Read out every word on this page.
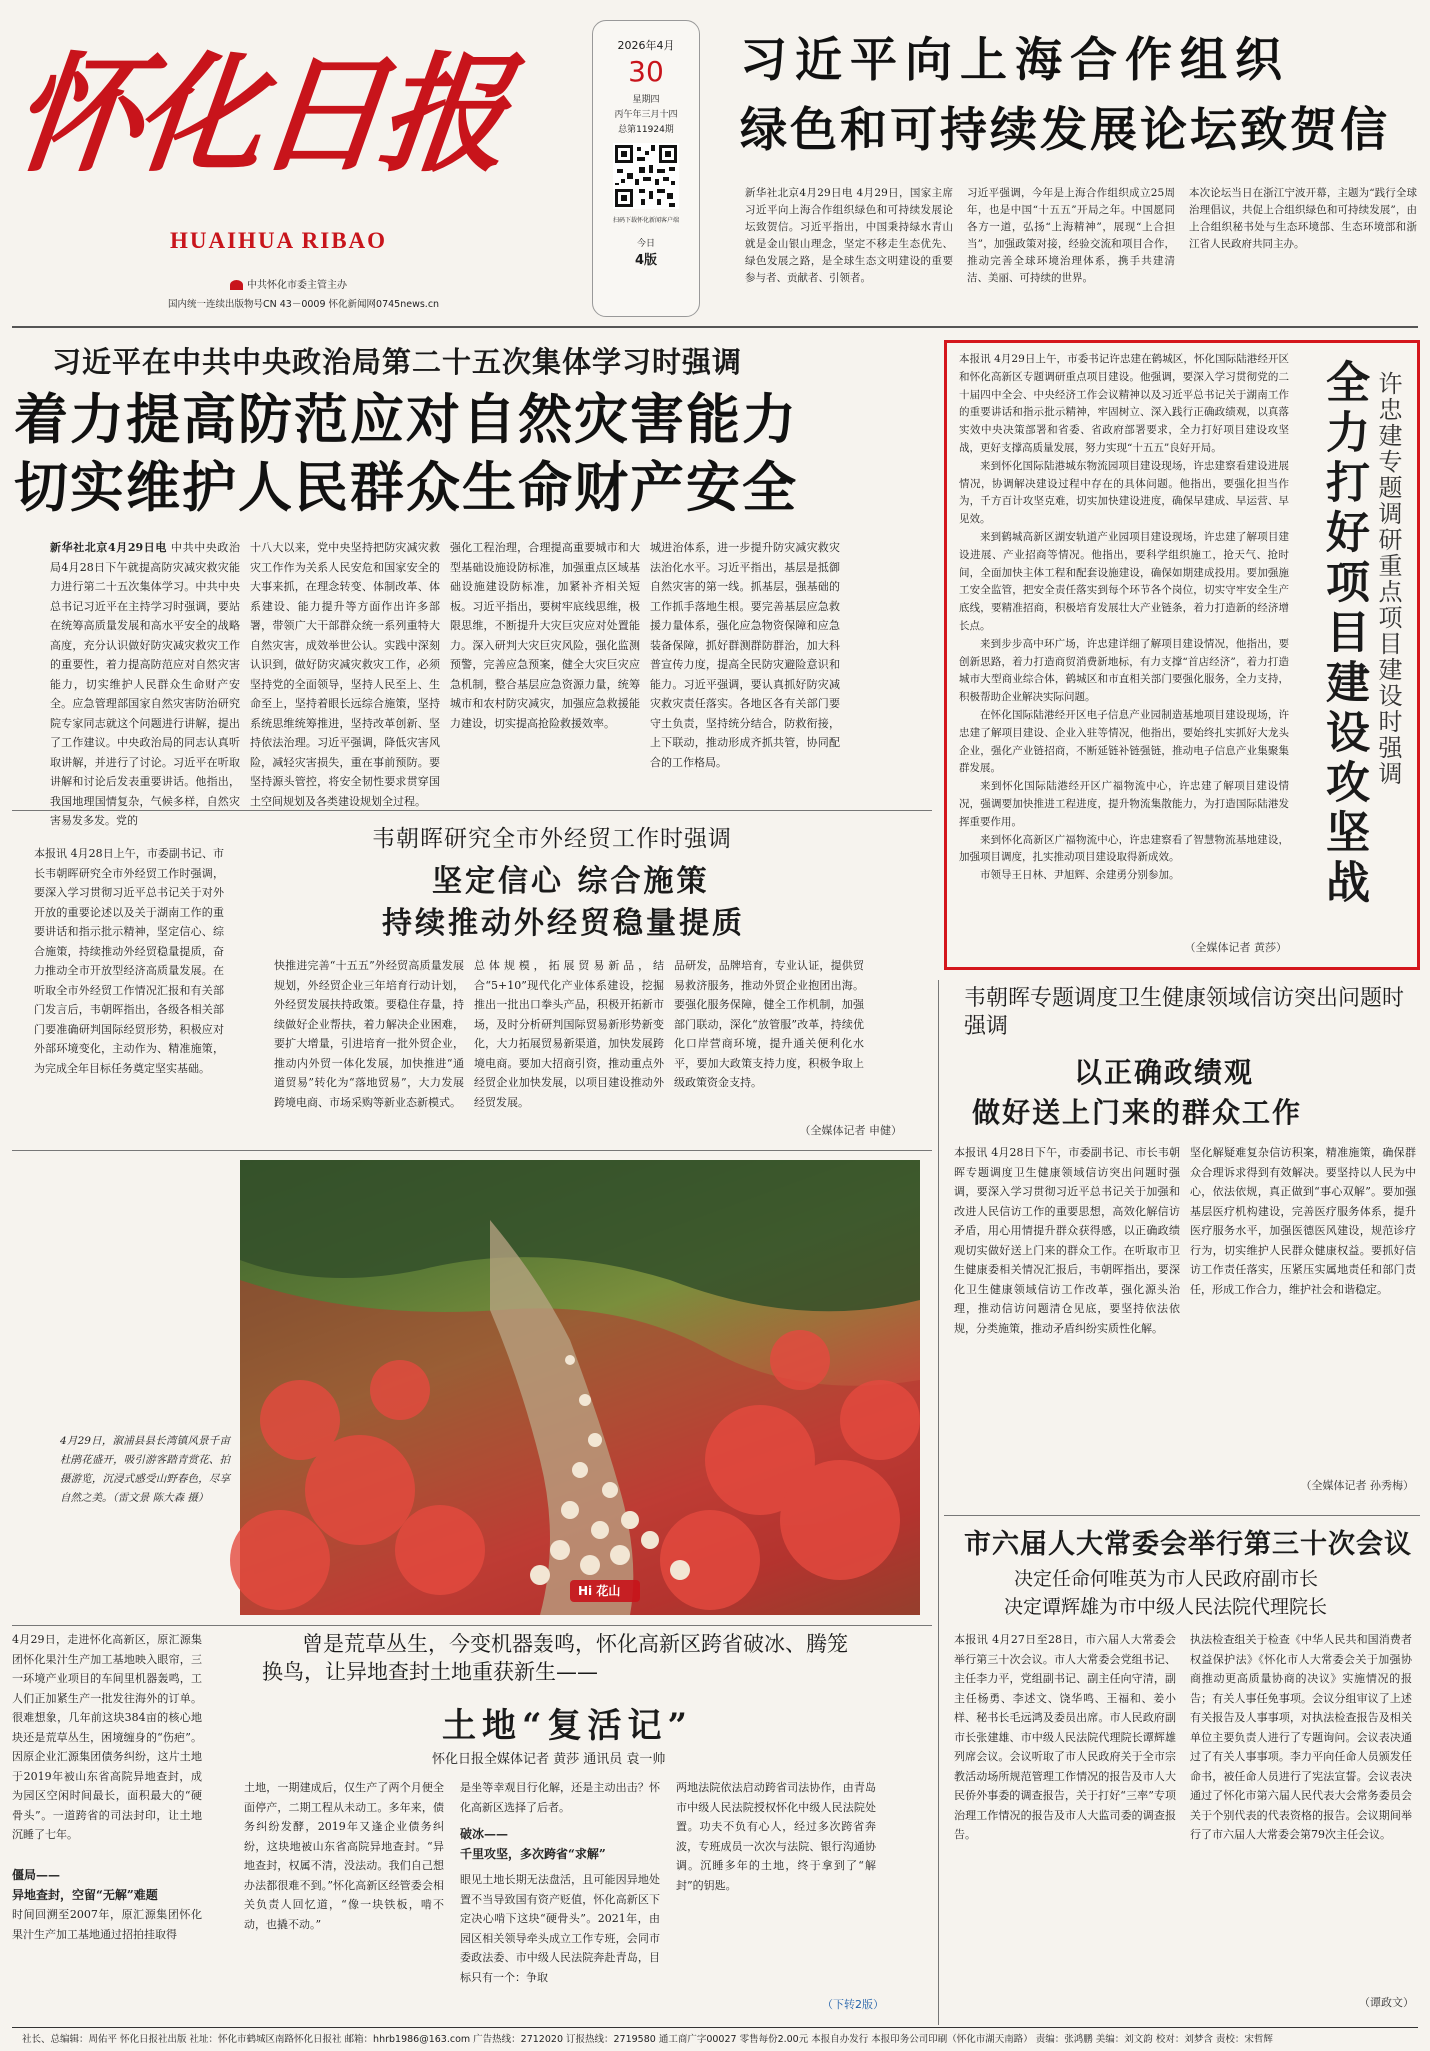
怀化日报
HUAIHUA RIBAO
中共怀化市委主管主办
国内统一连续出版物号CN 43－0009 怀化新闻网0745news.cn
2026年4月
30
星期四
丙午年三月十四
总第11924期
扫码下载怀化新闻客户端
今日
4版
习近平向上海合作组织
绿色和可持续发展论坛致贺信
新华社北京4月29日电 4月29日，国家主席习近平向上海合作组织绿色和可持续发展论坛致贺信。习近平指出，中国秉持绿水青山就是金山银山理念，坚定不移走生态优先、绿色发展之路，是全球生态文明建设的重要参与者、贡献者、引领者。
习近平强调，今年是上海合作组织成立25周年，也是中国“十五五”开局之年。中国愿同各方一道，弘扬“上海精神”，展现“上合担当”，加强政策对接，经验交流和项目合作，推动完善全球环境治理体系，携手共建清洁、美丽、可持续的世界。
本次论坛当日在浙江宁波开幕，主题为“践行全球治理倡议，共促上合组织绿色和可持续发展”，由上合组织秘书处与生态环境部、生态环境部和浙江省人民政府共同主办。
习近平在中共中央政治局第二十五次集体学习时强调
着力提高防范应对自然灾害能力
切实维护人民群众生命财产安全
新华社北京4月29日电 中共中央政治局4月28日下午就提高防灾减灾救灾能力进行第二十五次集体学习。中共中央总书记习近平在主持学习时强调，要站在统筹高质量发展和高水平安全的战略高度，充分认识做好防灾减灾救灾工作的重要性，着力提高防范应对自然灾害能力，切实维护人民群众生命财产安全。应急管理部国家自然灾害防治研究院专家同志就这个问题进行讲解，提出了工作建议。中央政治局的同志认真听取讲解，并进行了讨论。习近平在听取讲解和讨论后发表重要讲话。他指出，我国地理国情复杂，气候多样，自然灾害易发多发。党的
十八大以来，党中央坚持把防灾减灾救灾工作作为关系人民安危和国家安全的大事来抓，在理念转变、体制改革、体系建设、能力提升等方面作出许多部署，带领广大干部群众统一系列重特大自然灾害，成效举世公认。实践中深刻认识到，做好防灾减灾救灾工作，必须坚持党的全面领导，坚持人民至上、生命至上，坚持着眼长远综合施策，坚持系统思维统筹推进，坚持改革创新、坚持依法治理。习近平强调，降低灾害风险，减轻灾害损失，重在事前预防。要坚持源头管控，将安全韧性要求贯穿国土空间规划及各类建设规划全过程。
强化工程治理，合理提高重要城市和大型基础设施设防标准，加强重点区域基础设施建设防标准，加紧补齐相关短板。习近平指出，要树牢底线思维，极限思维，不断提升大灾巨灾应对处置能力。深入研判大灾巨灾风险，强化监测预警，完善应急预案，健全大灾巨灾应急机制，整合基层应急资源力量，统筹城市和农村防灾减灾，加强应急救援能力建设，切实提高抢险救援效率。
城进治体系，进一步提升防灾减灾救灾法治化水平。习近平指出，基层是抵御自然灾害的第一线。抓基层，强基础的工作抓手落地生根。要完善基层应急救援力量体系，强化应急物资保障和应急装备保障，抓好群测群防群治，加大科普宣传力度，提高全民防灾避险意识和能力。习近平强调，要认真抓好防灾减灾救灾责任落实。各地区各有关部门要守土负责，坚持统分结合，防救衔接，上下联动，推动形成齐抓共管，协同配合的工作格局。

本报讯 4月29日上午，市委书记许忠建在鹤城区，怀化国际陆港经开区和怀化高新区专题调研重点项目建设。他强调，要深入学习贯彻党的二十届四中全会、中央经济工作会议精神以及习近平总书记关于湖南工作的重要讲话和指示批示精神，牢固树立、深入践行正确政绩观，以真落实效中央决策部署和省委、省政府部署要求，全力打好项目建设攻坚战，更好支撑高质量发展，努力实现“十五五”良好开局。

来到怀化国际陆港城东物流园项目建设现场，许忠建察看建设进展情况，协调解决建设过程中存在的具体问题。他指出，要强化担当作为，千方百计攻坚克难，切实加快建设进度，确保早建成、早运营、早见效。

来到鹤城高新区湖安轨道产业园项目建设现场，许忠建了解项目建设进展、产业招商等情况。他指出，要科学组织施工，抢天气、抢时间，全面加快主体工程和配套设施建设，确保如期建成投用。要加强施工安全监管，把安全责任落实到每个环节各个岗位，切实守牢安全生产底线，要精准招商，积极培育发展壮大产业链条，着力打造新的经济增长点。

来到步步高中环广场，许忠建详细了解项目建设情况，他指出，要创新思路，着力打造商贸消费新地标，有力支撑“首店经济”，着力打造城市大型商业综合体，鹤城区和市直相关部门要强化服务，全力支持，积极帮助企业解决实际问题。

在怀化国际陆港经开区电子信息产业园制造基地项目建设现场，许忠建了解项目建设、企业入驻等情况，他指出，要始终扎实抓好大龙头企业，强化产业链招商，不断延链补链强链，推动电子信息产业集聚集群发展。

来到怀化国际陆港经开区广福物流中心，许忠建了解项目建设情况，强调要加快推进工程进度，提升物流集散能力，为打造国际陆港发挥重要作用。

来到怀化高新区广福物流中心，许忠建察看了智慧物流基地建设，加强项目调度，扎实推动项目建设取得新成效。

市领导王日林、尹旭辉、余建勇分别参加。

（全媒体记者 黄莎）
全力打好项目建设攻坚战 许忠建专题调研重点项目建设时强调
本报讯 4月28日上午，市委副书记、市长韦朝晖研究全市外经贸工作时强调，要深入学习贯彻习近平总书记关于对外开放的重要论述以及关于湖南工作的重要讲话和指示批示精神，坚定信心、综合施策，持续推动外经贸稳量提质，奋力推动全市开放型经济高质量发展。在听取全市外经贸工作情况汇报和有关部门发言后，韦朝晖指出，各级各相关部门要准确研判国际经贸形势，积极应对外部环境变化，主动作为、精准施策，为完成全年目标任务奠定坚实基础。
韦朝晖研究全市外经贸工作时强调
坚定信心 综合施策
持续推动外经贸稳量提质
快推进完善“十五五”外经贸高质量发展规划，外经贸企业三年培育行动计划，外经贸发展扶持政策。要稳住存量，持续做好企业帮扶，着力解决企业困难，要扩大增量，引进培育一批外贸企业，推动内外贸一体化发展，加快推进“通道贸易”转化为“落地贸易”，大力发展跨境电商、市场采购等新业态新模式。
总体规模，拓展贸易新品，结合“5+10”现代化产业体系建设，挖掘推出一批出口拳头产品，积极开拓新市场，及时分析研判国际贸易新形势新变化，大力拓展贸易新渠道，加快发展跨境电商。要加大招商引资，推动重点外经贸企业加快发展，以项目建设推动外经贸发展。
品研发，品牌培育，专业认证，提供贸易救济服务，推动外贸企业抱团出海。要强化服务保障，健全工作机制，加强部门联动，深化“放管服”改革，持续优化口岸营商环境，提升通关便利化水平，要加大政策支持力度，积极争取上级政策资金支持。
（全媒体记者 申健）
韦朝晖专题调度卫生健康领域信访突出问题时强调
以正确政绩观
做好送上门来的群众工作
本报讯 4月28日下午，市委副书记、市长韦朝晖专题调度卫生健康领域信访突出问题时强调，要深入学习贯彻习近平总书记关于加强和改进人民信访工作的重要思想，高效化解信访矛盾，用心用情提升群众获得感，以正确政绩观切实做好送上门来的群众工作。在听取市卫生健康委相关情况汇报后，韦朝晖指出，要深化卫生健康领域信访工作改革，强化源头治理，推动信访问题清仓见底，要坚持依法依规，分类施策，推动矛盾纠纷实质性化解。
坚化解疑难复杂信访积案，精准施策，确保群众合理诉求得到有效解决。要坚持以人民为中心，依法依规，真正做到“事心双解”。要加强基层医疗机构建设，完善医疗服务体系，提升医疗服务水平，加强医德医风建设，规范诊疗行为，切实维护人民群众健康权益。要抓好信访工作责任落实，压紧压实属地责任和部门责任，形成工作合力，维护社会和谐稳定。
（全媒体记者 孙秀梅）
4月29日，溆浦县县长湾镇风景千亩杜鹃花盛开，吸引游客踏青赏花、拍摄游览，沉浸式感受山野春色，尽享自然之美。（雷文景 陈大森 摄）
Hi 花山
4月29日，走进怀化高新区，原汇源集团怀化果汁生产加工基地映入眼帘，三一环境产业项目的车间里机器轰鸣，工人们正加紧生产一批发往海外的订单。很难想象，几年前这块384亩的核心地块还是荒草丛生，困境缠身的“伤疤”。因原企业汇源集团债务纠纷，这片土地于2019年被山东省高院异地查封，成为园区空闲时间最长，面积最大的“硬骨头”。一道跨省的司法封印，让土地沉睡了七年。
僵局——
异地查封，空留“无解”难题
时间回溯至2007年，原汇源集团怀化果汁生产加工基地通过招拍挂取得
曾是荒草丛生，今变机器轰鸣，怀化高新区跨省破冰、腾笼
换鸟，让异地查封土地重获新生——
土地“复活记”
怀化日报全媒体记者 黄莎 通讯员 袁一帅
土地，一期建成后，仅生产了两个月便全面停产，二期工程从未动工。多年来，债务纠纷发酵，2019年又逢企业债务纠纷，这块地被山东省高院异地查封。“异地查封，权属不清，没法动。我们自己想办法都很难不到。”怀化高新区经管委会相关负责人回忆道，“像一块铁板，啃不动，也撬不动。”
是坐等幸观目行化解，还是主动出击？怀化高新区选择了后者。
破冰——
千里攻坚，多次跨省“求解”
眼见土地长期无法盘活，且可能因异地处置不当导致国有资产贬值，怀化高新区下定决心啃下这块“硬骨头”。2021年，由园区相关领导牵头成立工作专班，会同市委政法委、市中级人民法院奔赴青岛，目标只有一个：争取
两地法院依法启动跨省司法协作，由青岛市中级人民法院授权怀化中级人民法院处置。功夫不负有心人，经过多次跨省奔波，专班成员一次次与法院、银行沟通协调。沉睡多年的土地，终于拿到了“解封”的钥匙。
（下转2版）
市六届人大常委会举行第三十次会议
决定任命何唯英为市人民政府副市长
决定谭辉雄为市中级人民法院代理院长
本报讯 4月27日至28日，市六届人大常委会举行第三十次会议。市人大常委会党组书记、主任李力平，党组副书记、副主任向守清，副主任杨勇、李述文、饶华鸣、王福和、姜小样、秘书长毛远鸿及委员出席。市人民政府副市长张建雄、市中级人民法院代理院长谭辉雄列席会议。会议听取了市人民政府关于全市宗教活动场所规范管理工作情况的报告及市人大民侨外事委的调查报告，关于打好“三率”专项治理工作情况的报告及市人大监司委的调查报告。
执法检查组关于检查《中华人民共和国消费者权益保护法》《怀化市人大常委会关于加强协商推动更高质量协商的决议》实施情况的报告；有关人事任免事项。会议分组审议了上述有关报告及人事事项，对执法检查报告及相关单位主要负责人进行了专题询问。会议表决通过了有关人事事项。李力平向任命人员颁发任命书，被任命人员进行了宪法宣誓。会议表决通过了怀化市第六届人民代表大会常务委员会关于个别代表的代表资格的报告。会议期间举行了市六届人大常委会第79次主任会议。
（谭政文）
社长、总编辑：周佑平 怀化日报社出版 社址：怀化市鹤城区南路怀化日报社 邮箱：hhrb1986@163.com 广告热线：2712020 订报热线：2719580 通工商广字00027 零售每份2.00元 本报自办发行 本报印务公司印刷（怀化市湖天南路） 责编：张鸿鹏 美编：刘文韵 校对：刘梦含 责校：宋哲辉
